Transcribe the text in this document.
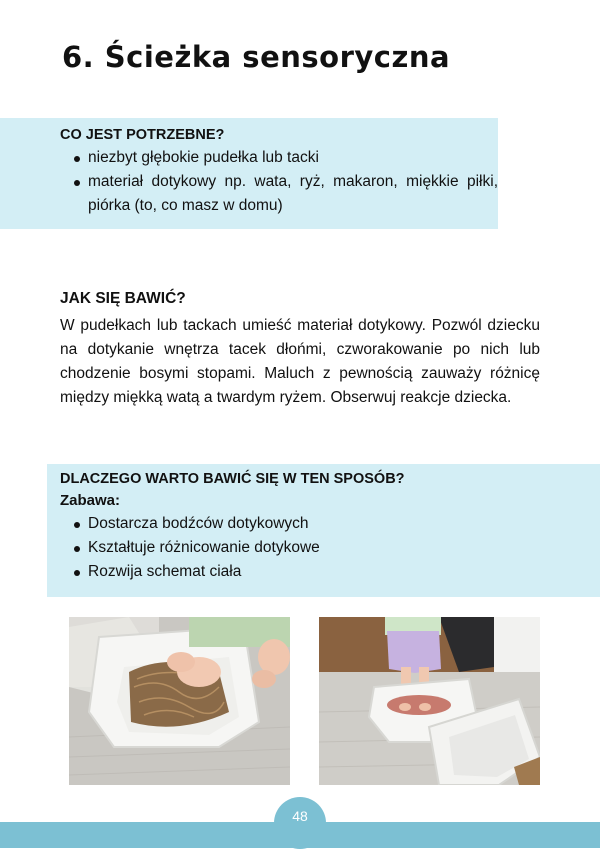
6. Ścieżka sensoryczna

CO JEST POTRZEBNE?

niezbyt głębokie pudełka lub tacki
materiał dotykowy np. wata, ryż, makaron, miękkie piłki, piórka (to, co masz w domu)

JAK SIĘ BAWIĆ?

W pudełkach lub tackach umieść materiał dotykowy. Pozwól dziecku na dotykanie wnętrza tacek dłońmi, czworakowanie po nich lub chodzenie bosymi stopami. Maluch z pewnością zauważy różnicę między miękką watą a twardym ryżem. Obserwuj reakcje dziecka.

DLACZEGO WARTO BAWIĆ SIĘ W TEN SPOSÓB?

Zabawa:

Dostarcza bodźców dotykowych
Kształtuje różnicowanie dotykowe
Rozwija schemat ciała
48
